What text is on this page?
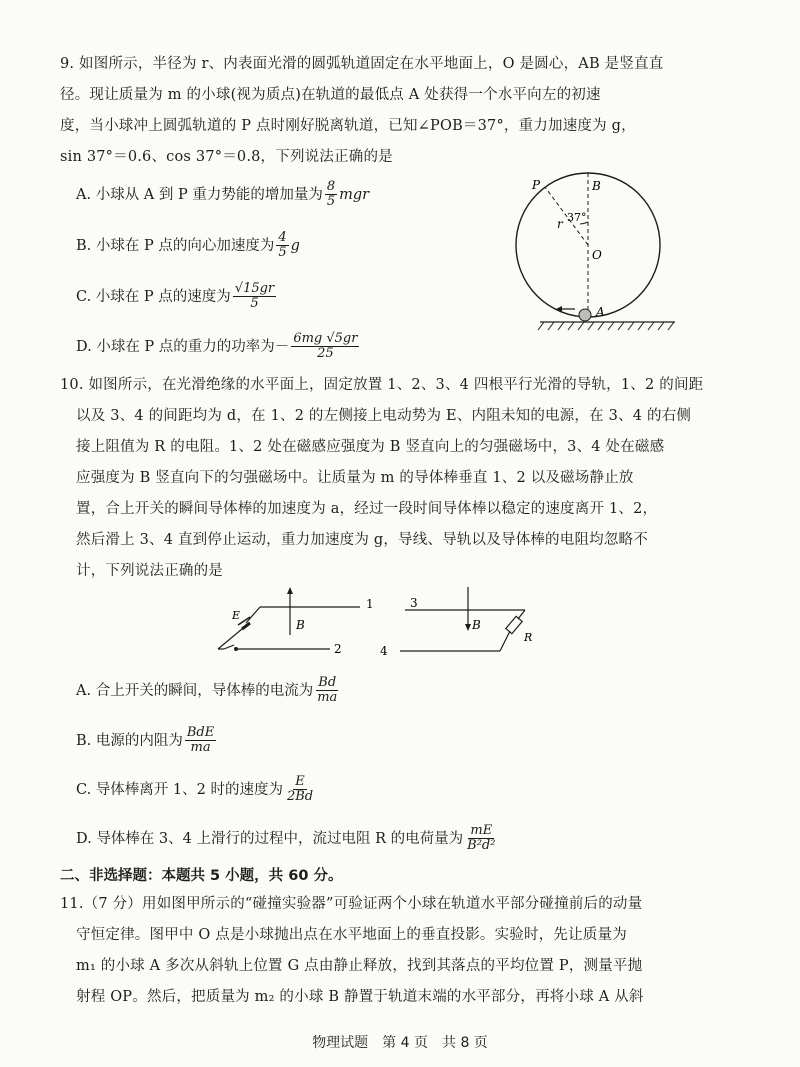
9. 如图所示，半径为 r、内表面光滑的圆弧轨道固定在水平地面上，O 是圆心，AB 是竖直直
径。现让质量为 m 的小球(视为质点)在轨道的最低点 A 处获得一个水平向左的初速
度，当小球冲上圆弧轨道的 P 点时刚好脱离轨道，已知∠POB＝37°，重力加速度为 g，
sin 37°＝0.6、cos 37°＝0.8，下列说法正确的是
A. 小球从 A 到 P 重力势能的增加量为 $\frac{8}{5}$ mgr
B. 小球在 P 点的向心加速度为 $\frac{4}{5}$ g
C. 小球在 P 点的速度为 $\frac{√15gr}{5}$
D. 小球在 P 点的重力的功率为－ $\frac{6mg √5gr}{25}$
P	B
O
A
r 37°
10. 如图所示，在光滑绝缘的水平面上，固定放置 1、2、3、4 四根平行光滑的导轨，1、2 的间距
以及 3、4 的间距均为 d，在 1、2 的左侧接上电动势为 E、内阻未知的电源，在 3、4 的右侧
接上阻值为 R 的电阻。1、2 处在磁感应强度为 B 竖直向上的匀强磁场中，3、4 处在磁感
应强度为 B 竖直向下的匀强磁场中。让质量为 m 的导体棒垂直 1、2 以及磁场静止放
置，合上开关的瞬间导体棒的加速度为 a，经过一段时间导体棒以稳定的速度离开 1、2，
然后滑上 3、4 直到停止运动，重力加速度为 g，导线、导轨以及导体棒的电阻均忽略不
计，下列说法正确的是
E
B
1
2
B
R
3
4
A. 合上开关的瞬间，导体棒的电流为 $\frac{Bd}{ma}$
B. 电源的内阻为 $\frac{\text{BdE}}{ma}$
C. 导体棒离开 1、2 时的速度为 $\frac{E}{2Bd}$
D. 导体棒在 3、4 上滑行的过程中，流过电阻 R 的电荷量为 $\frac{mE}{\text{B²d²}}$
二、非选择题：本题共 5 小题，共 60 分。
11.（7 分）用如图甲所示的“碰撞实验器”可验证两个小球在轨道水平部分碰撞前后的动量
守恒定律。图甲中 O 点是小球抛出点在水平地面上的垂直投影。实验时，先让质量为
m₁ 的小球 A 多次从斜轨上位置 G 点由静止释放，找到其落点的平均位置 P，测量平抛
射程 OP。然后，把质量为 m₂ 的小球 B 静置于轨道末端的水平部分，再将小球 A 从斜
物理试题　第 4 页　共 8 页
